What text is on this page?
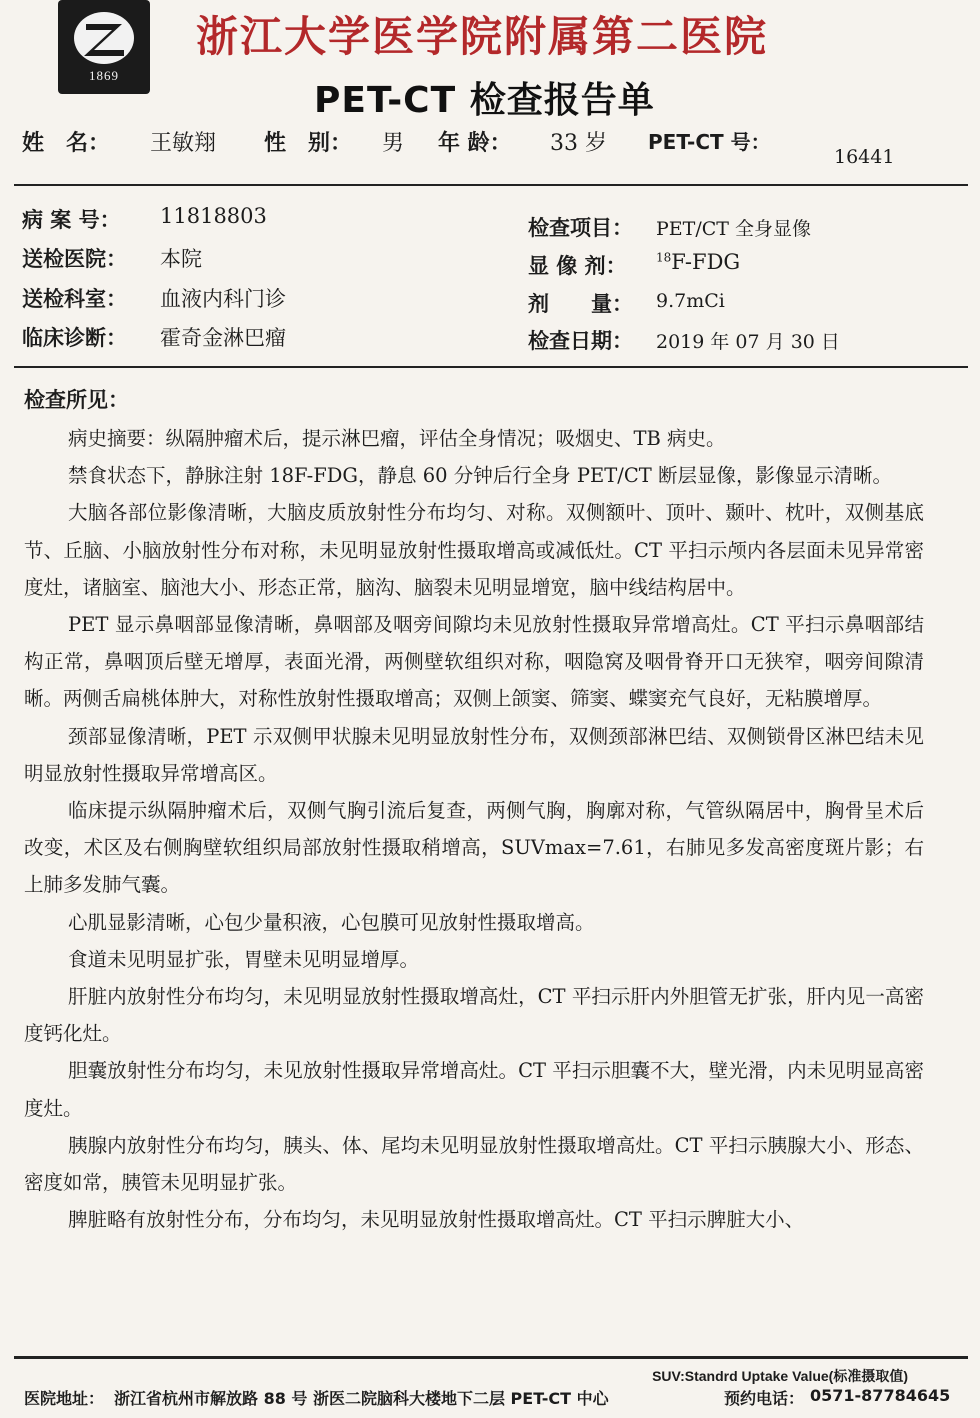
1869
浙江大学医学院附属第二医院
PET-CT 检查报告单
姓　名： 王敏翔 性　别： 男 年 龄： 33 岁 PET-CT 号：
16441
病 案 号： 11818803
送检医院： 本院
送检科室： 血液内科门诊
临床诊断： 霍奇金淋巴瘤
检查项目： PET/CT 全身显像
显 像 剂： $^{18}$F-FDG
剂　　量： 9.7mCi
检查日期： 2019 年 07 月 30 日
检查所见：

病史摘要：纵隔肿瘤术后，提示淋巴瘤，评估全身情况；吸烟史、TB 病史。

禁食状态下，静脉注射 18F-FDG，静息 60 分钟后行全身 PET/CT 断层显像，影像显示清晰。

大脑各部位影像清晰，大脑皮质放射性分布均匀、对称。双侧额叶、顶叶、颞叶、枕叶，双侧基底节、丘脑、小脑放射性分布对称，未见明显放射性摄取增高或减低灶。CT 平扫示颅内各层面未见异常密度灶，诸脑室、脑池大小、形态正常，脑沟、脑裂未见明显增宽，脑中线结构居中。

PET 显示鼻咽部显像清晰，鼻咽部及咽旁间隙均未见放射性摄取异常增高灶。CT 平扫示鼻咽部结构正常，鼻咽顶后壁无增厚，表面光滑，两侧壁软组织对称，咽隐窝及咽骨脊开口无狭窄，咽旁间隙清晰。两侧舌扁桃体肿大，对称性放射性摄取增高；双侧上颌窦、筛窦、蝶窦充气良好，无粘膜增厚。

颈部显像清晰，PET 示双侧甲状腺未见明显放射性分布，双侧颈部淋巴结、双侧锁骨区淋巴结未见明显放射性摄取异常增高区。

临床提示纵隔肿瘤术后，双侧气胸引流后复查，两侧气胸，胸廓对称，气管纵隔居中，胸骨呈术后改变，术区及右侧胸壁软组织局部放射性摄取稍增高，SUVmax=7.61，右肺见多发高密度斑片影；右上肺多发肺气囊。

心肌显影清晰，心包少量积液，心包膜可见放射性摄取增高。

食道未见明显扩张，胃壁未见明显增厚。

肝脏内放射性分布均匀，未见明显放射性摄取增高灶，CT 平扫示肝内外胆管无扩张，肝内见一高密度钙化灶。

胆囊放射性分布均匀，未见放射性摄取异常增高灶。CT 平扫示胆囊不大，壁光滑，内未见明显高密度灶。

胰腺内放射性分布均匀，胰头、体、尾均未见明显放射性摄取增高灶。CT 平扫示胰腺大小、形态、密度如常，胰管未见明显扩张。

脾脏略有放射性分布，分布均匀，未见明显放射性摄取增高灶。CT 平扫示脾脏大小、

SUV:Standrd Uptake Value(标准摄取值)
医院地址： 浙江省杭州市解放路 88 号 浙医二院脑科大楼地下二层 PET-CT 中心	预约电话： 0571-87784645
